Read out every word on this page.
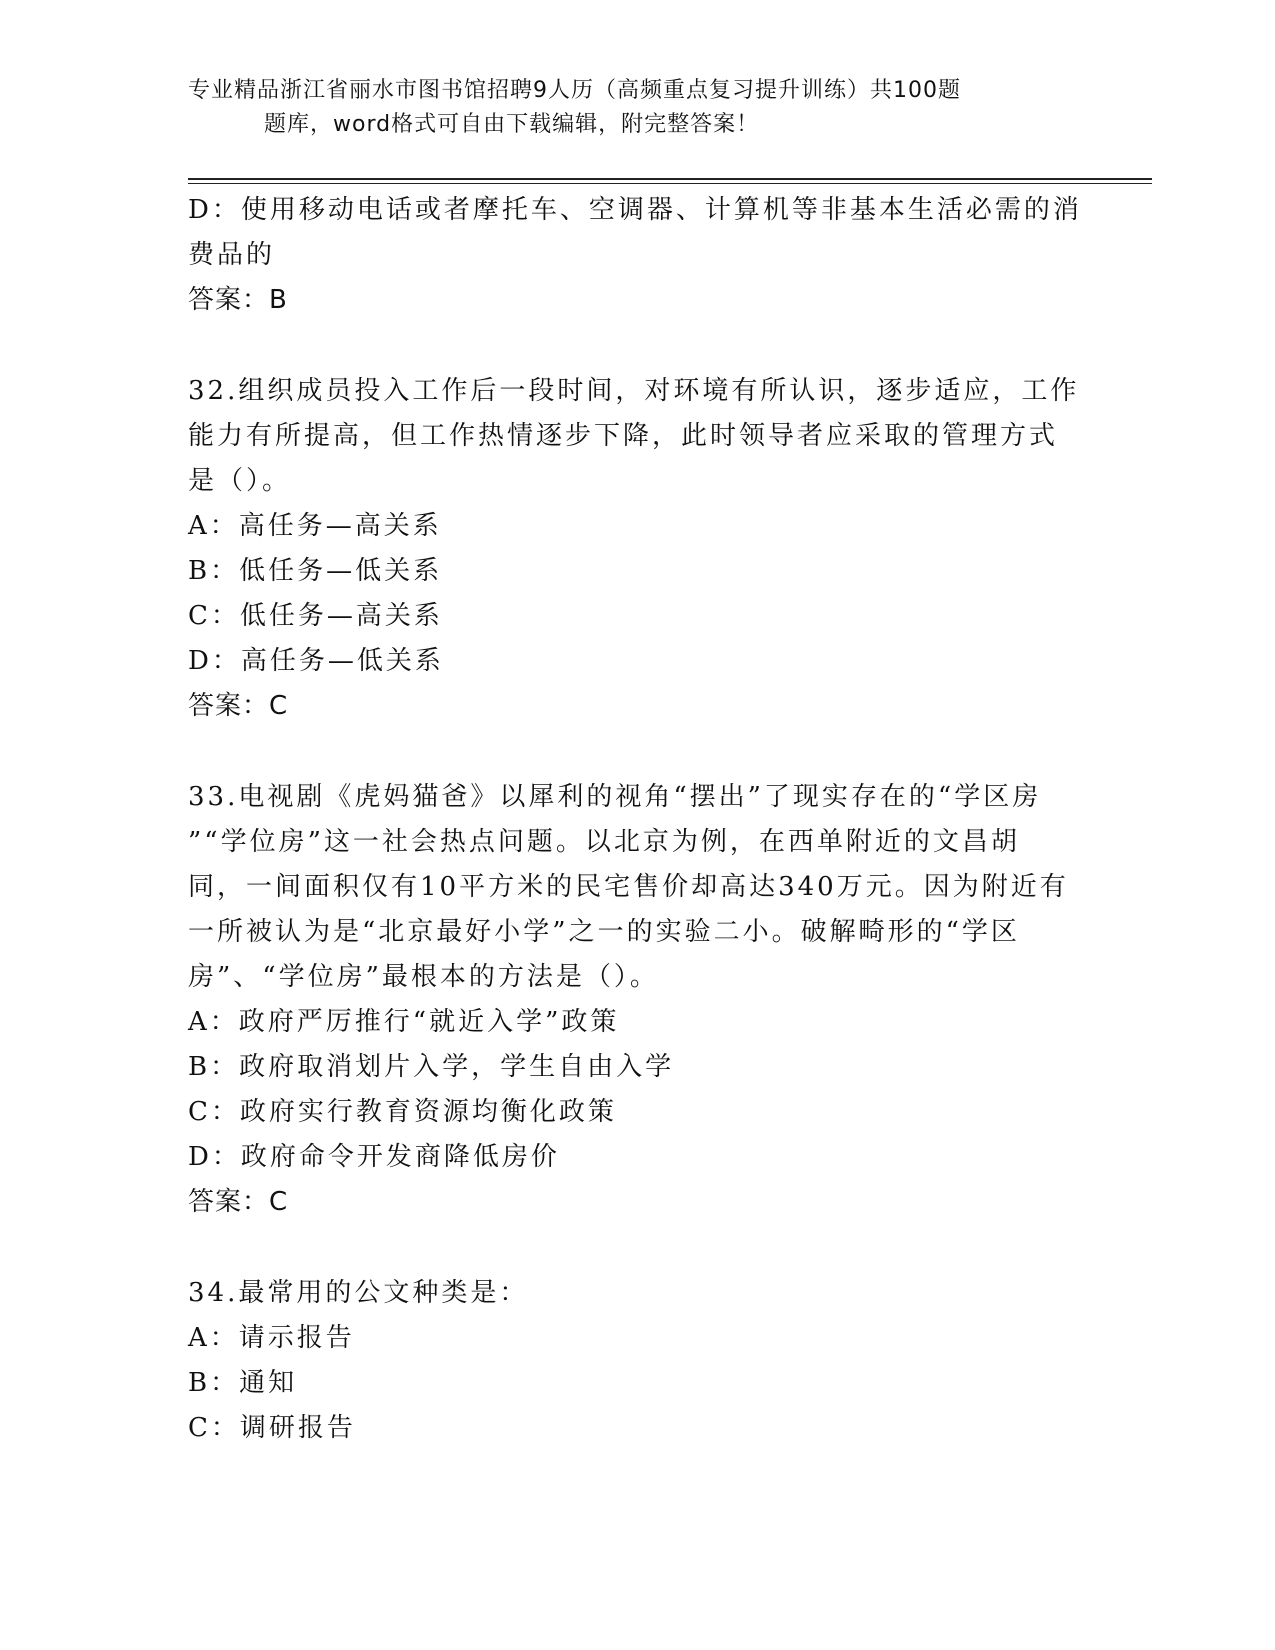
专业精品浙江省丽水市图书馆招聘9人历（高频重点复习提升训练）共100题
题库，word格式可自由下载编辑，附完整答案！
D：使用移动电话或者摩托车、空调器、计算机等非基本生活必需的消
费品的
答案：B
32.组织成员投入工作后一段时间，对环境有所认识，逐步适应，工作
能力有所提高，但工作热情逐步下降，此时领导者应采取的管理方式
是（）。
A：高任务—高关系
B：低任务—低关系
C：低任务—高关系
D：高任务—低关系
答案：C
33.电视剧《虎妈猫爸》以犀利的视角“摆出”了现实存在的“学区房
”“学位房”这一社会热点问题。以北京为例，在西单附近的文昌胡
同，一间面积仅有10平方米的民宅售价却高达340万元。因为附近有
一所被认为是“北京最好小学”之一的实验二小。破解畸形的“学区
房”、“学位房”最根本的方法是（）。
A：政府严厉推行“就近入学”政策
B：政府取消划片入学，学生自由入学
C：政府实行教育资源均衡化政策
D：政府命令开发商降低房价
答案：C
34.最常用的公文种类是：
A：请示报告
B：通知
C：调研报告
